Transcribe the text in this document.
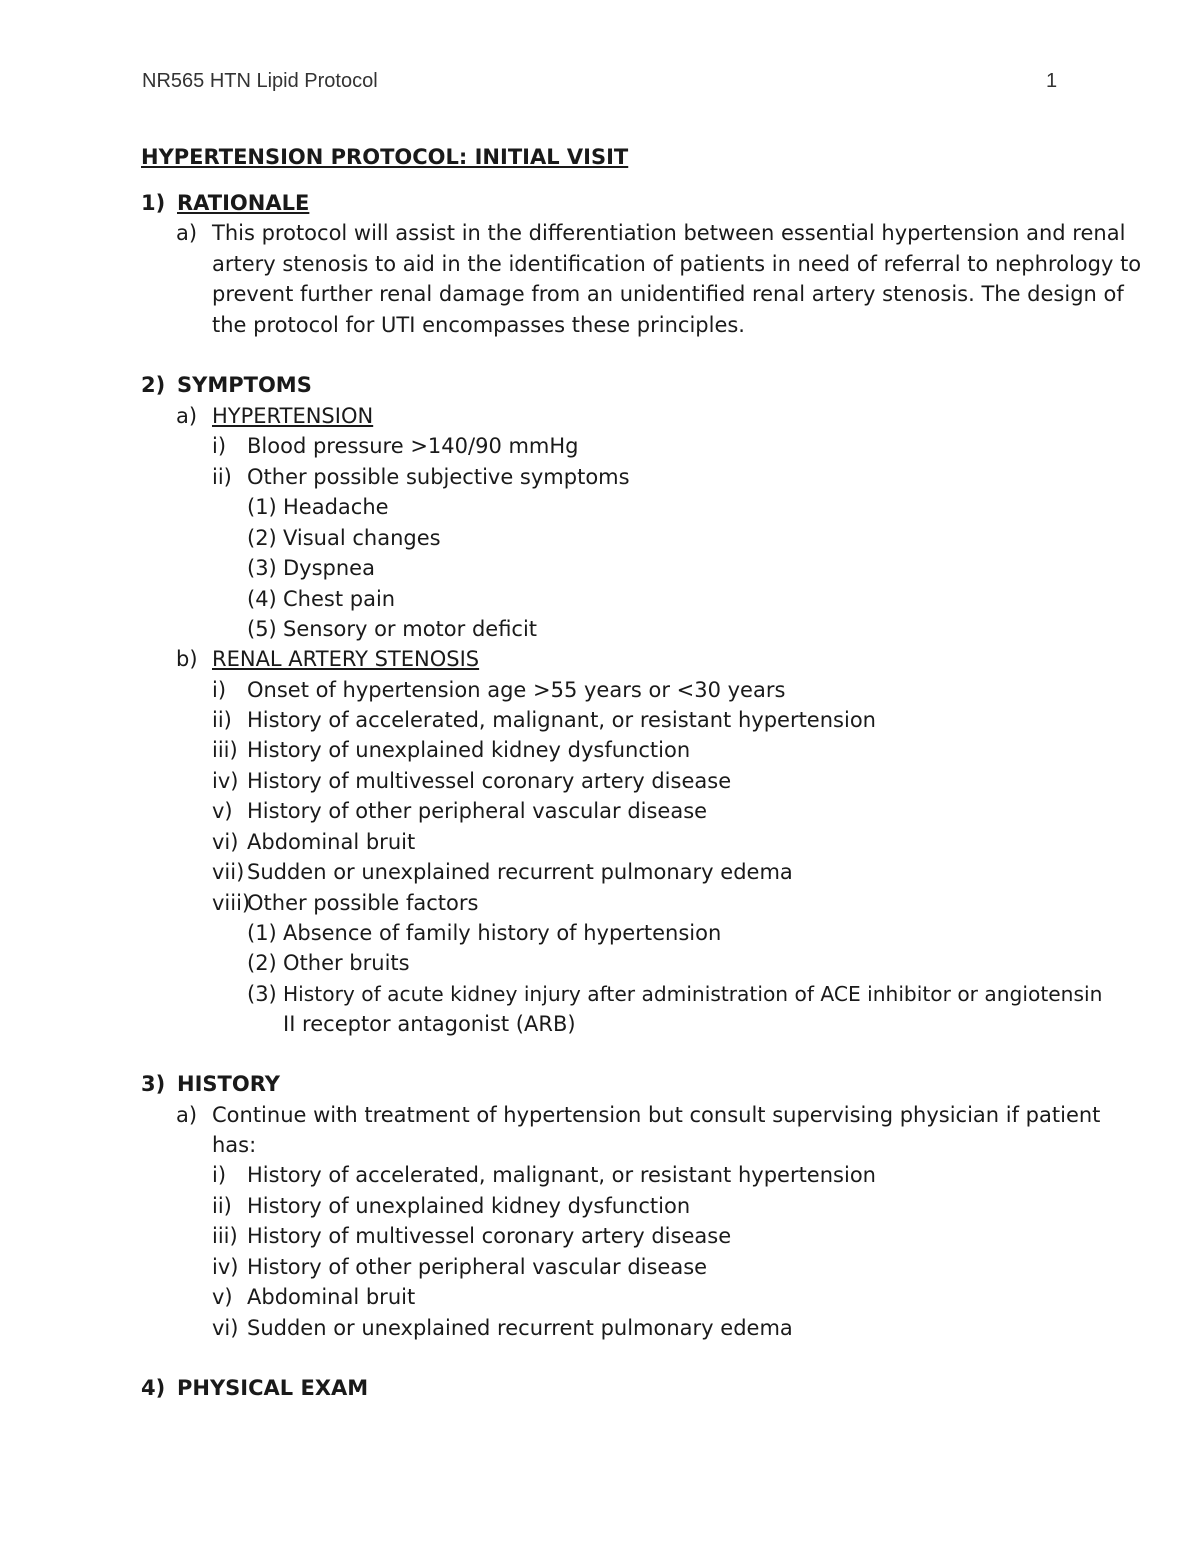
NR565 HTN Lipid Protocol	1
HYPERTENSION PROTOCOL: INITIAL VISIT
1) RATIONALE
a) This protocol will assist in the differentiation between essential hypertension and renal
artery stenosis to aid in the identification of patients in need of referral to nephrology to
prevent further renal damage from an unidentified renal artery stenosis. The design of
the protocol for UTI encompasses these principles.
2) SYMPTOMS
a) HYPERTENSION
i) Blood pressure >140/90 mmHg
ii) Other possible subjective symptoms
(1) Headache
(2) Visual changes
(3) Dyspnea
(4) Chest pain
(5) Sensory or motor deficit
b) RENAL ARTERY STENOSIS
i) Onset of hypertension age >55 years or <30 years
ii) History of accelerated, malignant, or resistant hypertension
iii) History of unexplained kidney dysfunction
iv) History of multivessel coronary artery disease
v) History of other peripheral vascular disease
vi) Abdominal bruit
vii) Sudden or unexplained recurrent pulmonary edema
viii)
Other possible factors
(1) Absence of family history of hypertension
(2) Other bruits
(3) History of acute kidney injury after administration of ACE inhibitor or angiotensin
II receptor antagonist (ARB)
3) HISTORY
a) Continue with treatment of hypertension but consult supervising physician if patient
has:
i) History of accelerated, malignant, or resistant hypertension
ii) History of unexplained kidney dysfunction
iii) History of multivessel coronary artery disease
iv) History of other peripheral vascular disease
v) Abdominal bruit
vi) Sudden or unexplained recurrent pulmonary edema
4) PHYSICAL EXAM
